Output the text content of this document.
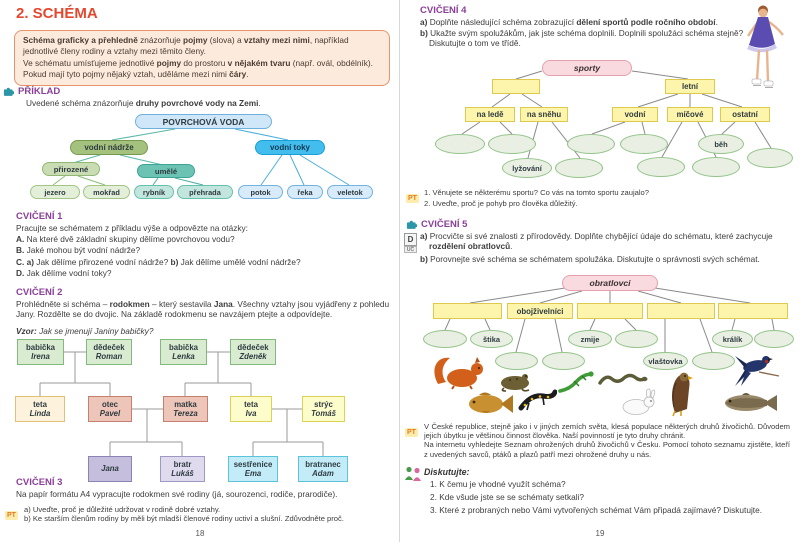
2. SCHÉMA
Schéma graficky a přehledně znázorňuje pojmy (slova) a vztahy mezi nimi, například jednotlivé členy rodiny a vztahy mezi těmito členy.
Ve schématu umísťujeme jednotlivé pojmy do prostoru v nějakém tvaru (např. ovál, obdélník). Pokud mají tyto pojmy nějaký vztah, uděláme mezi nimi čáry.
PŘÍKLAD
Uvedené schéma znázorňuje druhy povrchové vody na Zemi.
POVRCHOVÁ VODA
vodní nádrže	vodní toky
přirozené	umělé
jezero	mokřad	rybník	přehrada	potok	řeka	veletok
CVIČENÍ 1
Pracujte se schématem z příkladu výše a odpovězte na otázky:
A. Na které dvě základní skupiny dělíme povrchovou vodu?
B. Jaké mohou být vodní nádrže?
C. a) Jak dělíme přirozené vodní nádrže? b) Jak dělíme umělé vodní nádrže?
D. Jak dělíme vodní toky?
CVIČENÍ 2
Prohlédněte si schéma – rodokmen – který sestavila Jana. Všechny vztahy jsou vyjádřeny z pohledu Jany. Rozdělte se do dvojic. Na základě rodokmenu se navzájem ptejte a odpovídejte.
Vzor: Jak se jmenují Janiny babičky?
babička
Irena
dědeček
Roman
babička
Lenka
dědeček
Zdeněk
teta
Linda
otec
Pavel
matka
Tereza
teta
Iva
strýc
Tomáš
Jana
bratr
Lukáš
sestřenice
Ema
bratranec
Adam
CVIČENÍ 3
Na papír formátu A4 vypracujte rodokmen své rodiny (já, sourozenci, rodiče, prarodiče).
PT
a) Uveďte, proč je důležité udržovat v rodině dobré vztahy.
b) Ke starším členům rodiny by měli být mladší členové rodiny uctiví a slušní. Zdůvodněte proč.
18
CVIČENÍ 4
a) Doplňte následující schéma zobrazující dělení sportů podle ročního období.
b) Ukažte svým spolužákům, jak jste schéma doplnili. Doplnili spolužáci schéma stejně? Diskutujte o tom ve třídě.
sporty
letní
na ledě	na sněhu	vodní	míčové	ostatní
lyžování
běh
PT
1. Věnujete se některému sportu? Co vás na tomto sportu zaujalo?
2. Uveďte, proč je pohyb pro člověka důležitý.
CVIČENÍ 5
D
UČ
a) Procvičte si své znalosti z přírodovědy. Doplňte chybějící údaje do schématu, které zachycuje rozdělení obratlovců.
b) Porovnejte své schéma se schématem spolužáka. Diskutujte o správnosti svých schémat.
obratlovci
obojživelníci
štika	zmije
vlaštovka
králík
PT
V České republice, stejně jako i v jiných zemích světa, klesá populace některých druhů živočichů. Důvodem jejich úbytku je většinou činnost člověka. Naší povinností je tyto druhy chránit.
Na internetu vyhledejte Seznam ohrožených druhů živočichů v Česku. Pomocí tohoto seznamu zjistěte, kteří z uvedených savců, ptáků a plazů patří mezi ohrožené druhy u nás.
Diskutujte:
1. K čemu je vhodné využít schéma?
2. Kde všude jste se se schématy setkali?
3. Které z probraných nebo Vámi vytvořených schémat Vám připadá zajímavé? Diskutujte.
19
